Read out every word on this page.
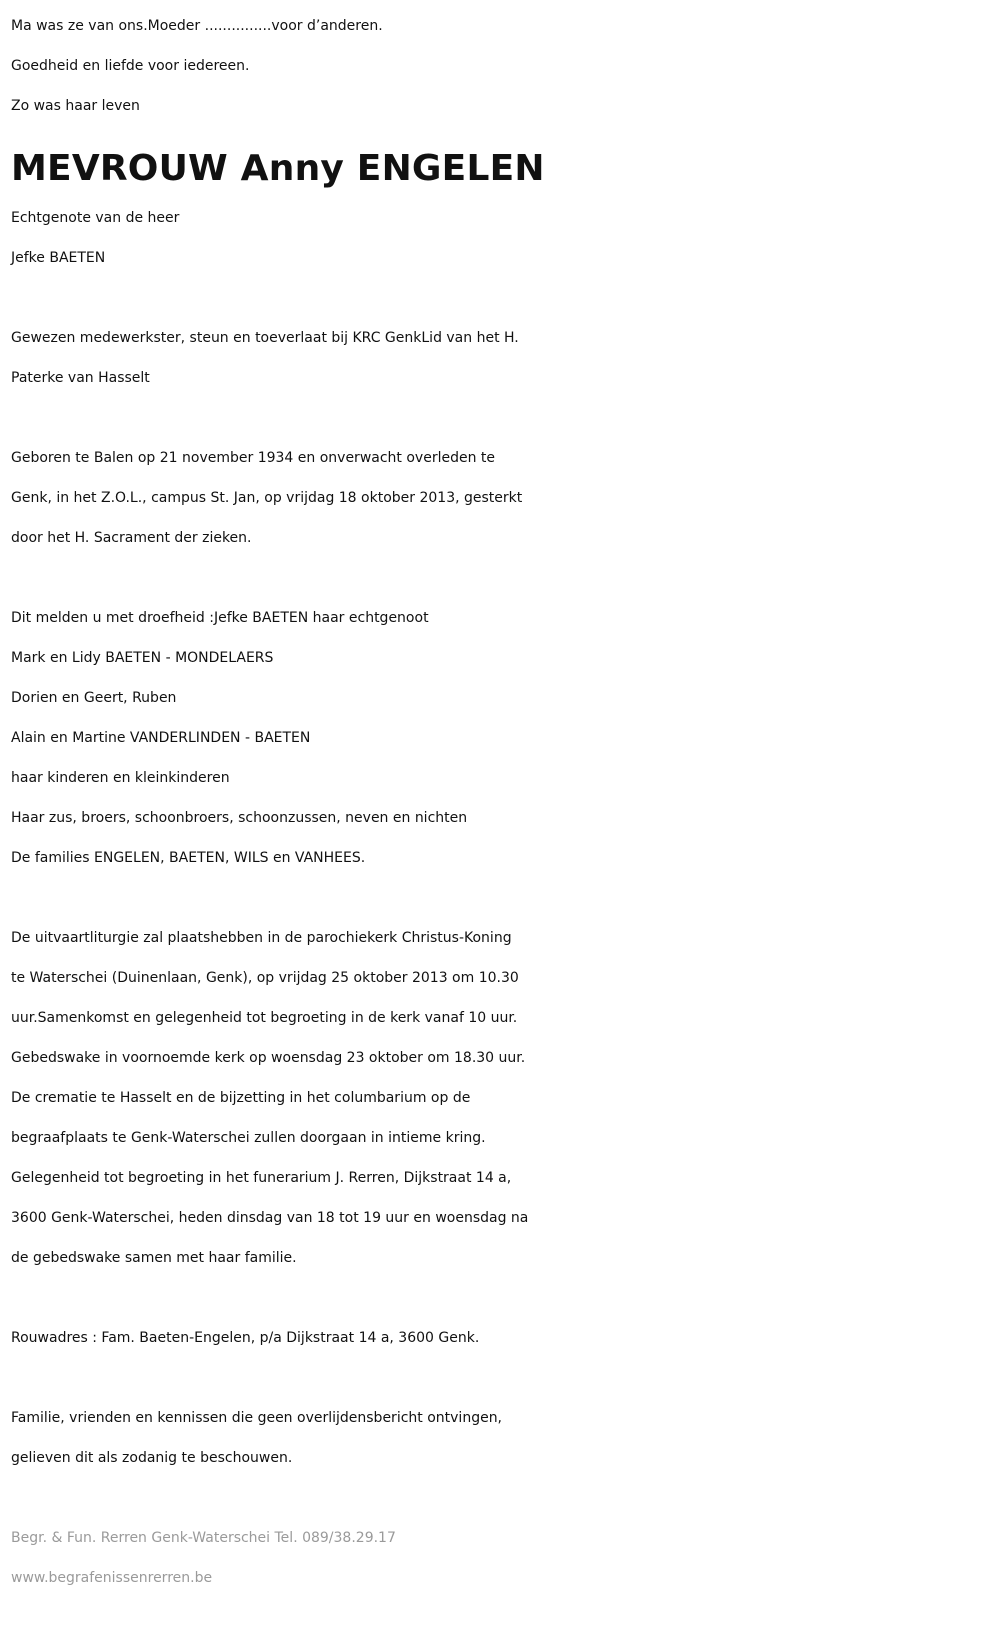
Ma was ze van ons.Moeder ...............voor d’anderen.

Goedheid en liefde voor iedereen.

Zo was haar leven

MEVROUW Anny ENGELEN

Echtgenote van de heer

Jefke BAETEN

Gewezen medewerkster, steun en toeverlaat bij KRC GenkLid van het H.

Paterke van Hasselt

Geboren te Balen op 21 november 1934 en onverwacht overleden te

Genk, in het Z.O.L., campus St. Jan, op vrijdag 18 oktober 2013, gesterkt

door het H. Sacrament der zieken.

Dit melden u met droefheid :Jefke BAETEN haar echtgenoot

Mark en Lidy BAETEN - MONDELAERS

Dorien en Geert, Ruben

Alain en Martine VANDERLINDEN - BAETEN

haar kinderen en kleinkinderen

Haar zus, broers, schoonbroers, schoonzussen, neven en nichten

De families ENGELEN, BAETEN, WILS en VANHEES.

De uitvaartliturgie zal plaatshebben in de parochiekerk Christus-Koning

te Waterschei (Duinenlaan, Genk), op vrijdag 25 oktober 2013 om 10.30

uur.Samenkomst en gelegenheid tot begroeting in de kerk vanaf 10 uur.

Gebedswake in voornoemde kerk op woensdag 23 oktober om 18.30 uur.

De crematie te Hasselt en de bijzetting in het columbarium op de

begraafplaats te Genk-Waterschei zullen doorgaan in intieme kring.

Gelegenheid tot begroeting in het funerarium J. Rerren, Dijkstraat 14 a,

3600 Genk-Waterschei, heden dinsdag van 18 tot 19 uur en woensdag na

de gebedswake samen met haar familie.

Rouwadres : Fam. Baeten-Engelen, p/a Dijkstraat 14 a, 3600 Genk.

Familie, vrienden en kennissen die geen overlijdensbericht ontvingen,

gelieven dit als zodanig te beschouwen.

Begr. & Fun. Rerren Genk-Waterschei Tel. 089/38.29.17

www.begrafenissenrerren.be
